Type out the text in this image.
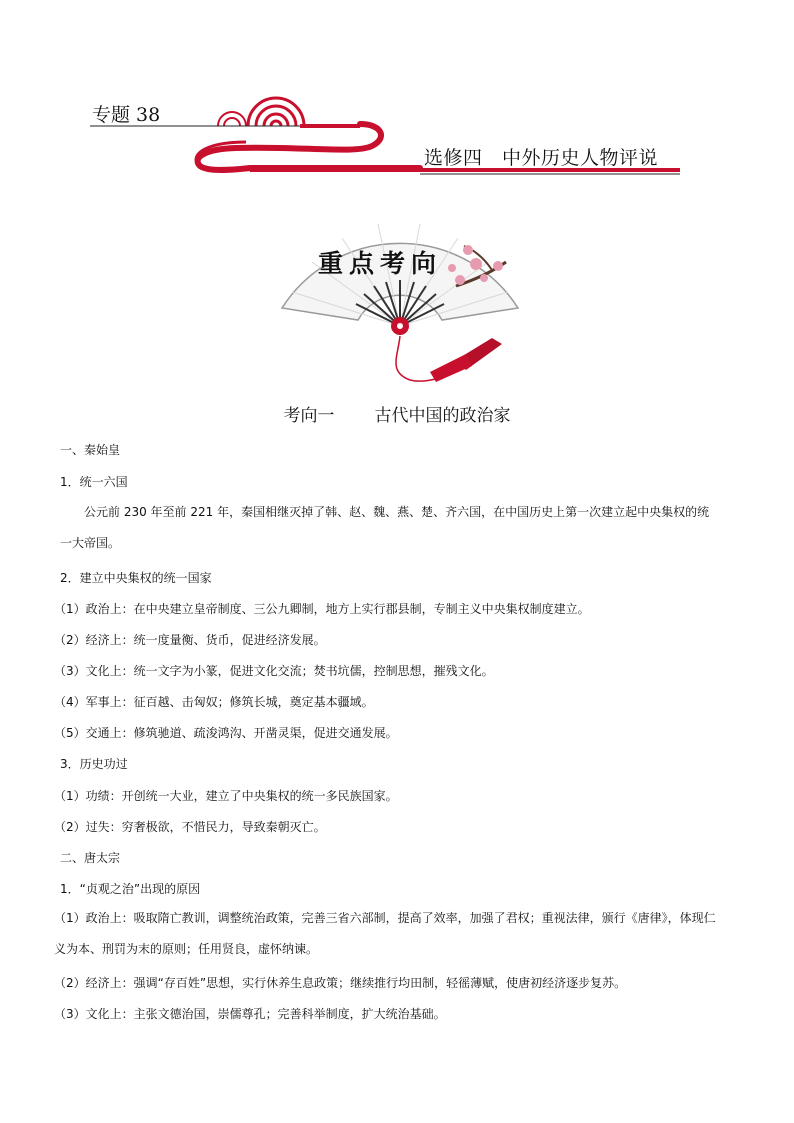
专题 38
选修四　中外历史人物评说
重点考向
考向一 古代中国的政治家
一、秦始皇
1．统一六国
公元前 230 年至前 221 年，秦国相继灭掉了韩、赵、魏、燕、楚、齐六国，在中国历史上第一次建立起中央集权的统一大帝国。
2．建立中央集权的统一国家
（1）政治上：在中央建立皇帝制度、三公九卿制，地方上实行郡县制，专制主义中央集权制度建立。
（2）经济上：统一度量衡、货币，促进经济发展。
（3）文化上：统一文字为小篆，促进文化交流；焚书坑儒，控制思想，摧残文化。
（4）军事上：征百越、击匈奴；修筑长城，奠定基本疆域。
（5）交通上：修筑驰道、疏浚鸿沟、开凿灵渠，促进交通发展。
3．历史功过
（1）功绩：开创统一大业，建立了中央集权的统一多民族国家。
（2）过失：穷奢极欲，不惜民力，导致秦朝灭亡。
二、唐太宗
1．“贞观之治”出现的原因
（1）政治上：吸取隋亡教训，调整统治政策，完善三省六部制，提高了效率，加强了君权；重视法律，颁行《唐律》，体现仁义为本、刑罚为末的原则；任用贤良，虚怀纳谏。
（2）经济上：强调“存百姓”思想，实行休养生息政策；继续推行均田制，轻徭薄赋，使唐初经济逐步复苏。
（3）文化上：主张文德治国，崇儒尊孔；完善科举制度，扩大统治基础。
